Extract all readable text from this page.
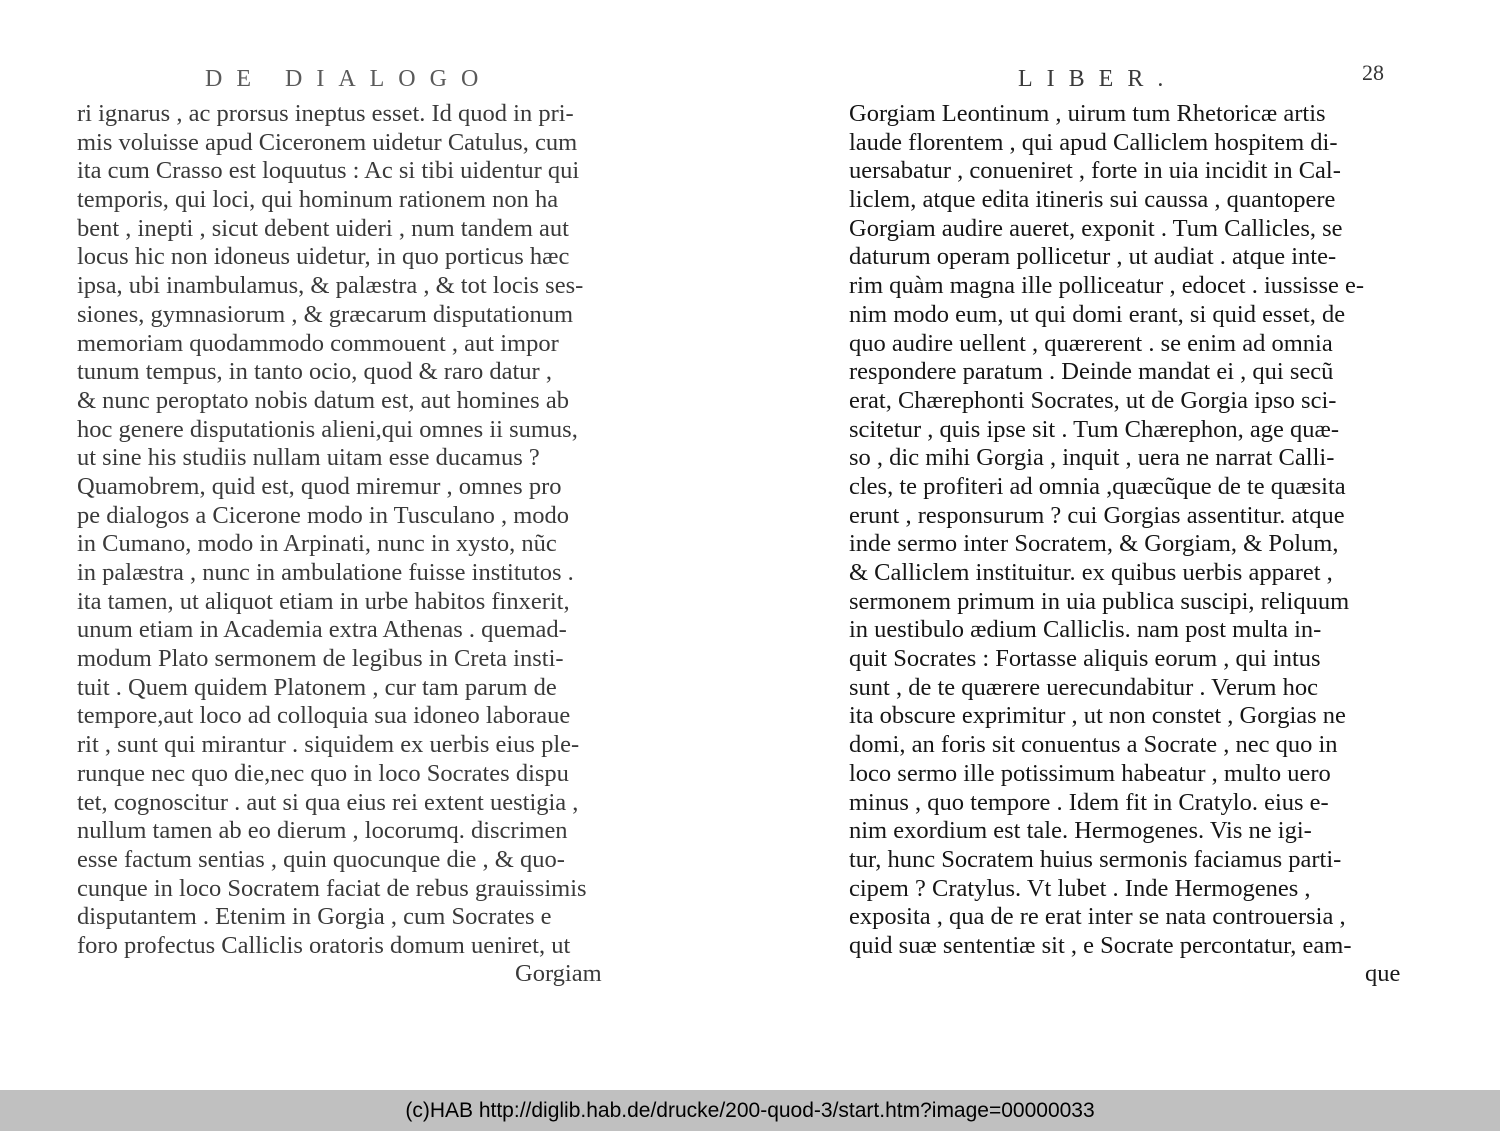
DE DIALOGO
ri ignarus , ac prorsus ineptus esset. Id quod in pri-
mis voluisse apud Ciceronem uidetur Catulus, cum
ita cum Crasso est loquutus : Ac si tibi uidentur qui
temporis, qui loci, qui hominum rationem non ha
bent , inepti , sicut debent uideri , num tandem aut
locus hic non idoneus uidetur, in quo porticus hæc
ipsa, ubi inambulamus, & palæstra , & tot locis ses-
siones, gymnasiorum , & græcarum disputationum
memoriam quodammodo commouent , aut impor
tunum tempus, in tanto ocio, quod & raro datur ,
& nunc peroptato nobis datum est, aut homines ab
hoc genere disputationis alieni,qui omnes ii sumus,
ut sine his studiis nullam uitam esse ducamus ?
Quamobrem, quid est, quod miremur , omnes pro
pe dialogos a Cicerone modo in Tusculano , modo
in Cumano, modo in Arpinati, nunc in xysto, nũc
in palæstra , nunc in ambulatione fuisse institutos .
ita tamen, ut aliquot etiam in urbe habitos finxerit,
unum etiam in Academia extra Athenas . quemad-
modum Plato sermonem de legibus in Creta insti-
tuit . Quem quidem Platonem , cur tam parum de
tempore,aut loco ad colloquia sua idoneo laboraue
rit , sunt qui mirantur . siquidem ex uerbis eius ple-
runque nec quo die,nec quo in loco Socrates dispu
tet, cognoscitur . aut si qua eius rei extent uestigia ,
nullum tamen ab eo dierum , locorumq. discrimen
esse factum sentias , quin quocunque die , & quo-
cunque in loco Socratem faciat de rebus grauissimis
disputantem . Etenim in Gorgia , cum Socrates e
foro profectus Calliclis oratoris domum ueniret, ut
Gorgiam
LIBER.	28
Gorgiam Leontinum , uirum tum Rhetoricæ artis
laude florentem , qui apud Calliclem hospitem di-
uersabatur , conueniret , forte in uia incidit in Cal-
liclem, atque edita itineris sui caussa , quantopere
Gorgiam audire aueret, exponit . Tum Callicles, se
daturum operam pollicetur , ut audiat . atque inte-
rim quàm magna ille polliceatur , edocet . iussisse e-
nim modo eum, ut qui domi erant, si quid esset, de
quo audire uellent , quærerent . se enim ad omnia
respondere paratum . Deinde mandat ei , qui secũ
erat, Chærephonti Socrates, ut de Gorgia ipso sci-
scitetur , quis ipse sit . Tum Chærephon, age quæ-
so , dic mihi Gorgia , inquit , uera ne narrat Calli-
cles, te profiteri ad omnia ,quæcũque de te quæsita
erunt , responsurum ? cui Gorgias assentitur. atque
inde sermo inter Socratem, & Gorgiam, & Polum,
& Calliclem instituitur. ex quibus uerbis apparet ,
sermonem primum in uia publica suscipi, reliquum
in uestibulo ædium Calliclis. nam post multa in-
quit Socrates : Fortasse aliquis eorum , qui intus
sunt , de te quærere uerecundabitur . Verum hoc
ita obscure exprimitur , ut non constet , Gorgias ne
domi, an foris sit conuentus a Socrate , nec quo in
loco sermo ille potissimum habeatur , multo uero
minus , quo tempore . Idem fit in Cratylo. eius e-
nim exordium est tale. Hermogenes. Vis ne igi-
tur, hunc Socratem huius sermonis faciamus parti-
cipem ? Cratylus. Vt lubet . Inde Hermogenes ,
exposita , qua de re erat inter se nata controuersia ,
quid suæ sententiæ sit , e Socrate percontatur, eam-
que
(c)HAB http://diglib.hab.de/drucke/200-quod-3/start.htm?image=00000033
